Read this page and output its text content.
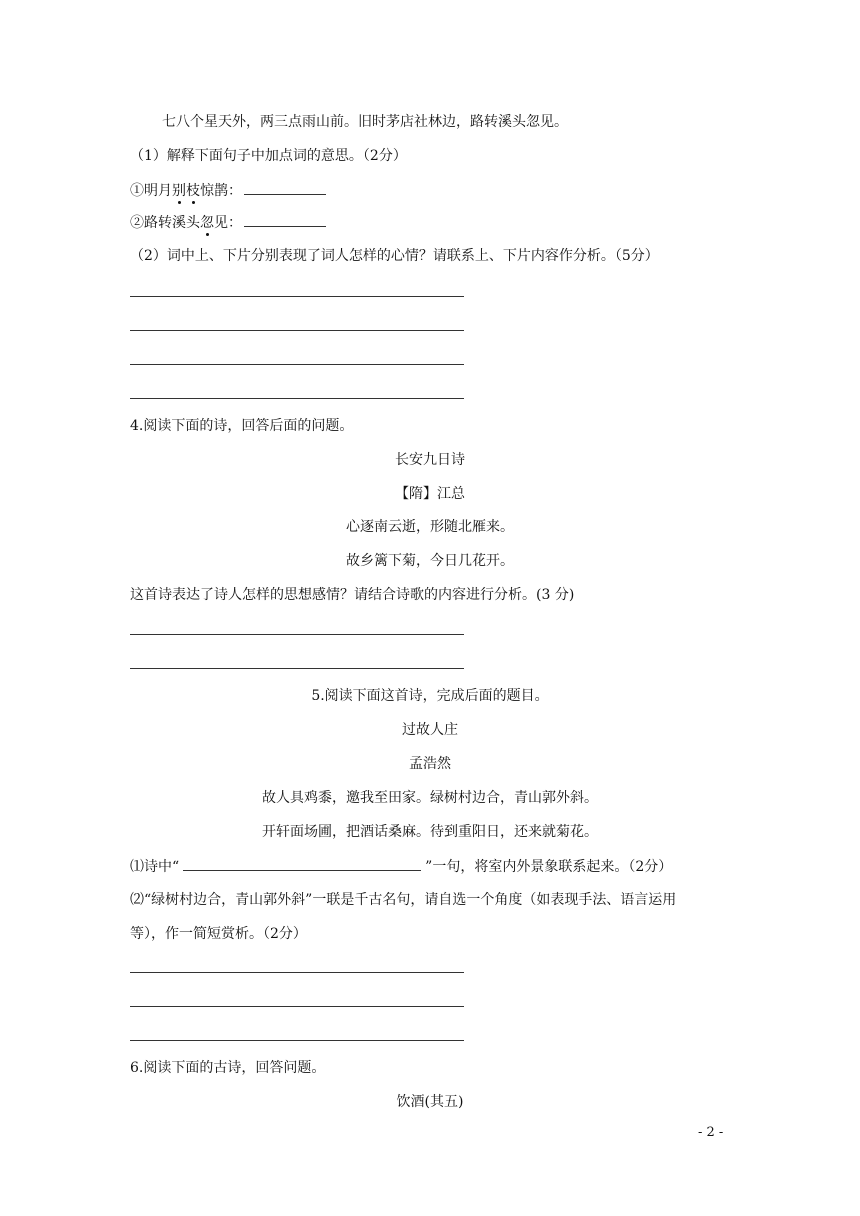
七八个星天外，两三点雨山前。旧时茅店社林边，路转溪头忽见。
（1）解释下面句子中加点词的意思。（2分）
①明月别枝惊鹊：
②路转溪头忽见：
（2）词中上、下片分别表现了词人怎样的心情？请联系上、下片内容作分析。（5分）
4.阅读下面的诗，回答后面的问题。
长安九日诗
【隋】江总
心逐南云逝，形随北雁来。
故乡篱下菊，今日几花开。
这首诗表达了诗人怎样的思想感情？请结合诗歌的内容进行分析。(3 分)
5.阅读下面这首诗，完成后面的题目。
过故人庄
孟浩然
故人具鸡黍，邀我至田家。绿树村边合，青山郭外斜。
开轩面场圃，把酒话桑麻。待到重阳日，还来就菊花。
⑴诗中“	”一句，将室内外景象联系起来。（2分）
⑵“绿树村边合，青山郭外斜”一联是千古名句，请自选一个角度（如表现手法、语言运用
等），作一简短赏析。（2分）
6.阅读下面的古诗，回答问题。
饮酒(其五)
- 2 -
